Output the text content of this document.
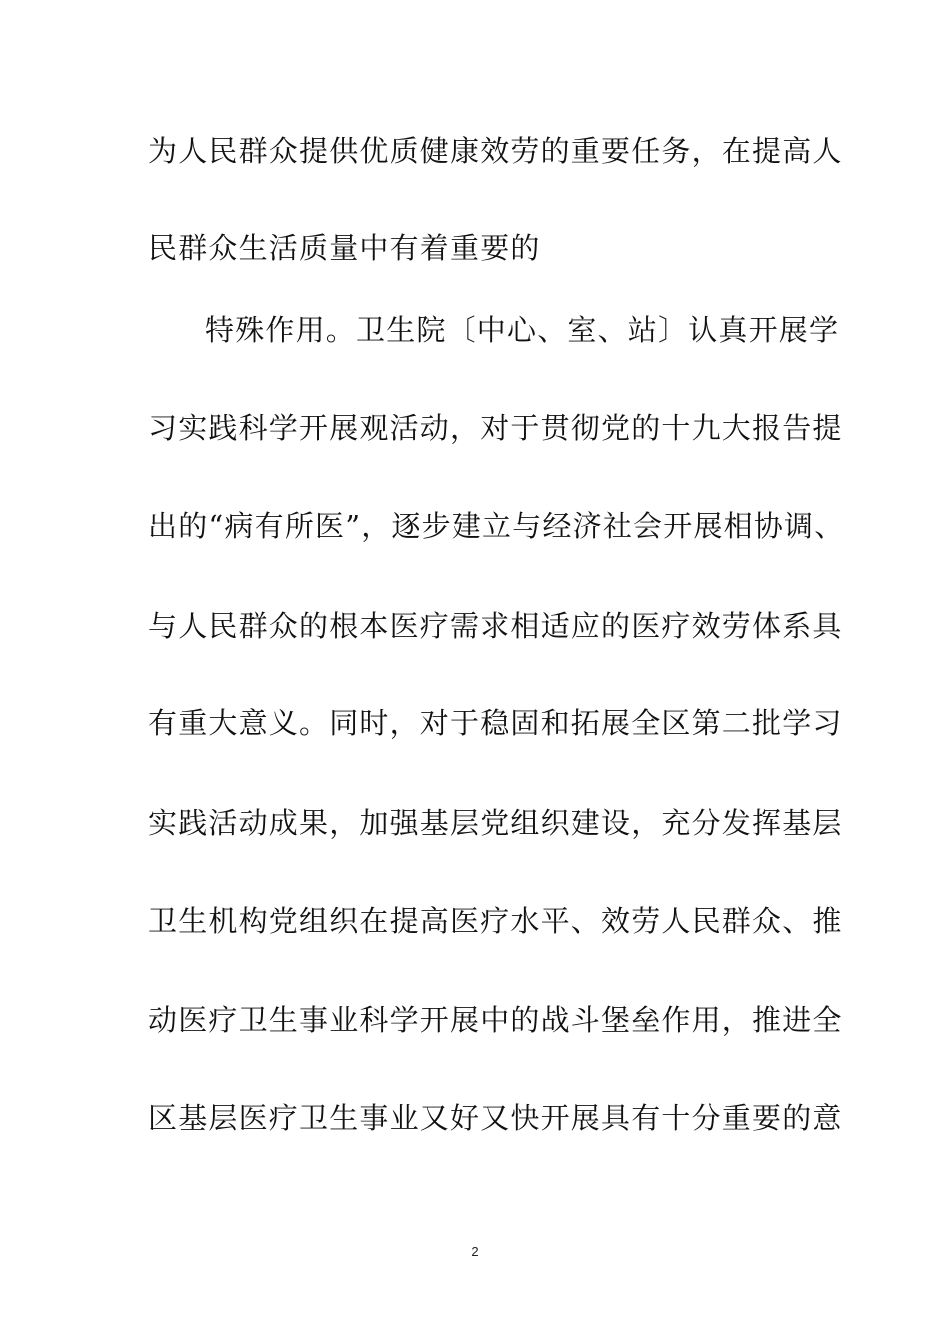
为人民群众提供优质健康效劳的重要任务，在提高人
民群众生活质量中有着重要的
特殊作用。卫生院〔中心、室、站〕认真开展学
习实践科学开展观活动，对于贯彻党的十九大报告提
出的“病有所医”，逐步建立与经济社会开展相协调、
与人民群众的根本医疗需求相适应的医疗效劳体系具
有重大意义。同时，对于稳固和拓展全区第二批学习
实践活动成果，加强基层党组织建设，充分发挥基层
卫生机构党组织在提高医疗水平、效劳人民群众、推
动医疗卫生事业科学开展中的战斗堡垒作用，推进全
区基层医疗卫生事业又好又快开展具有十分重要的意
2
